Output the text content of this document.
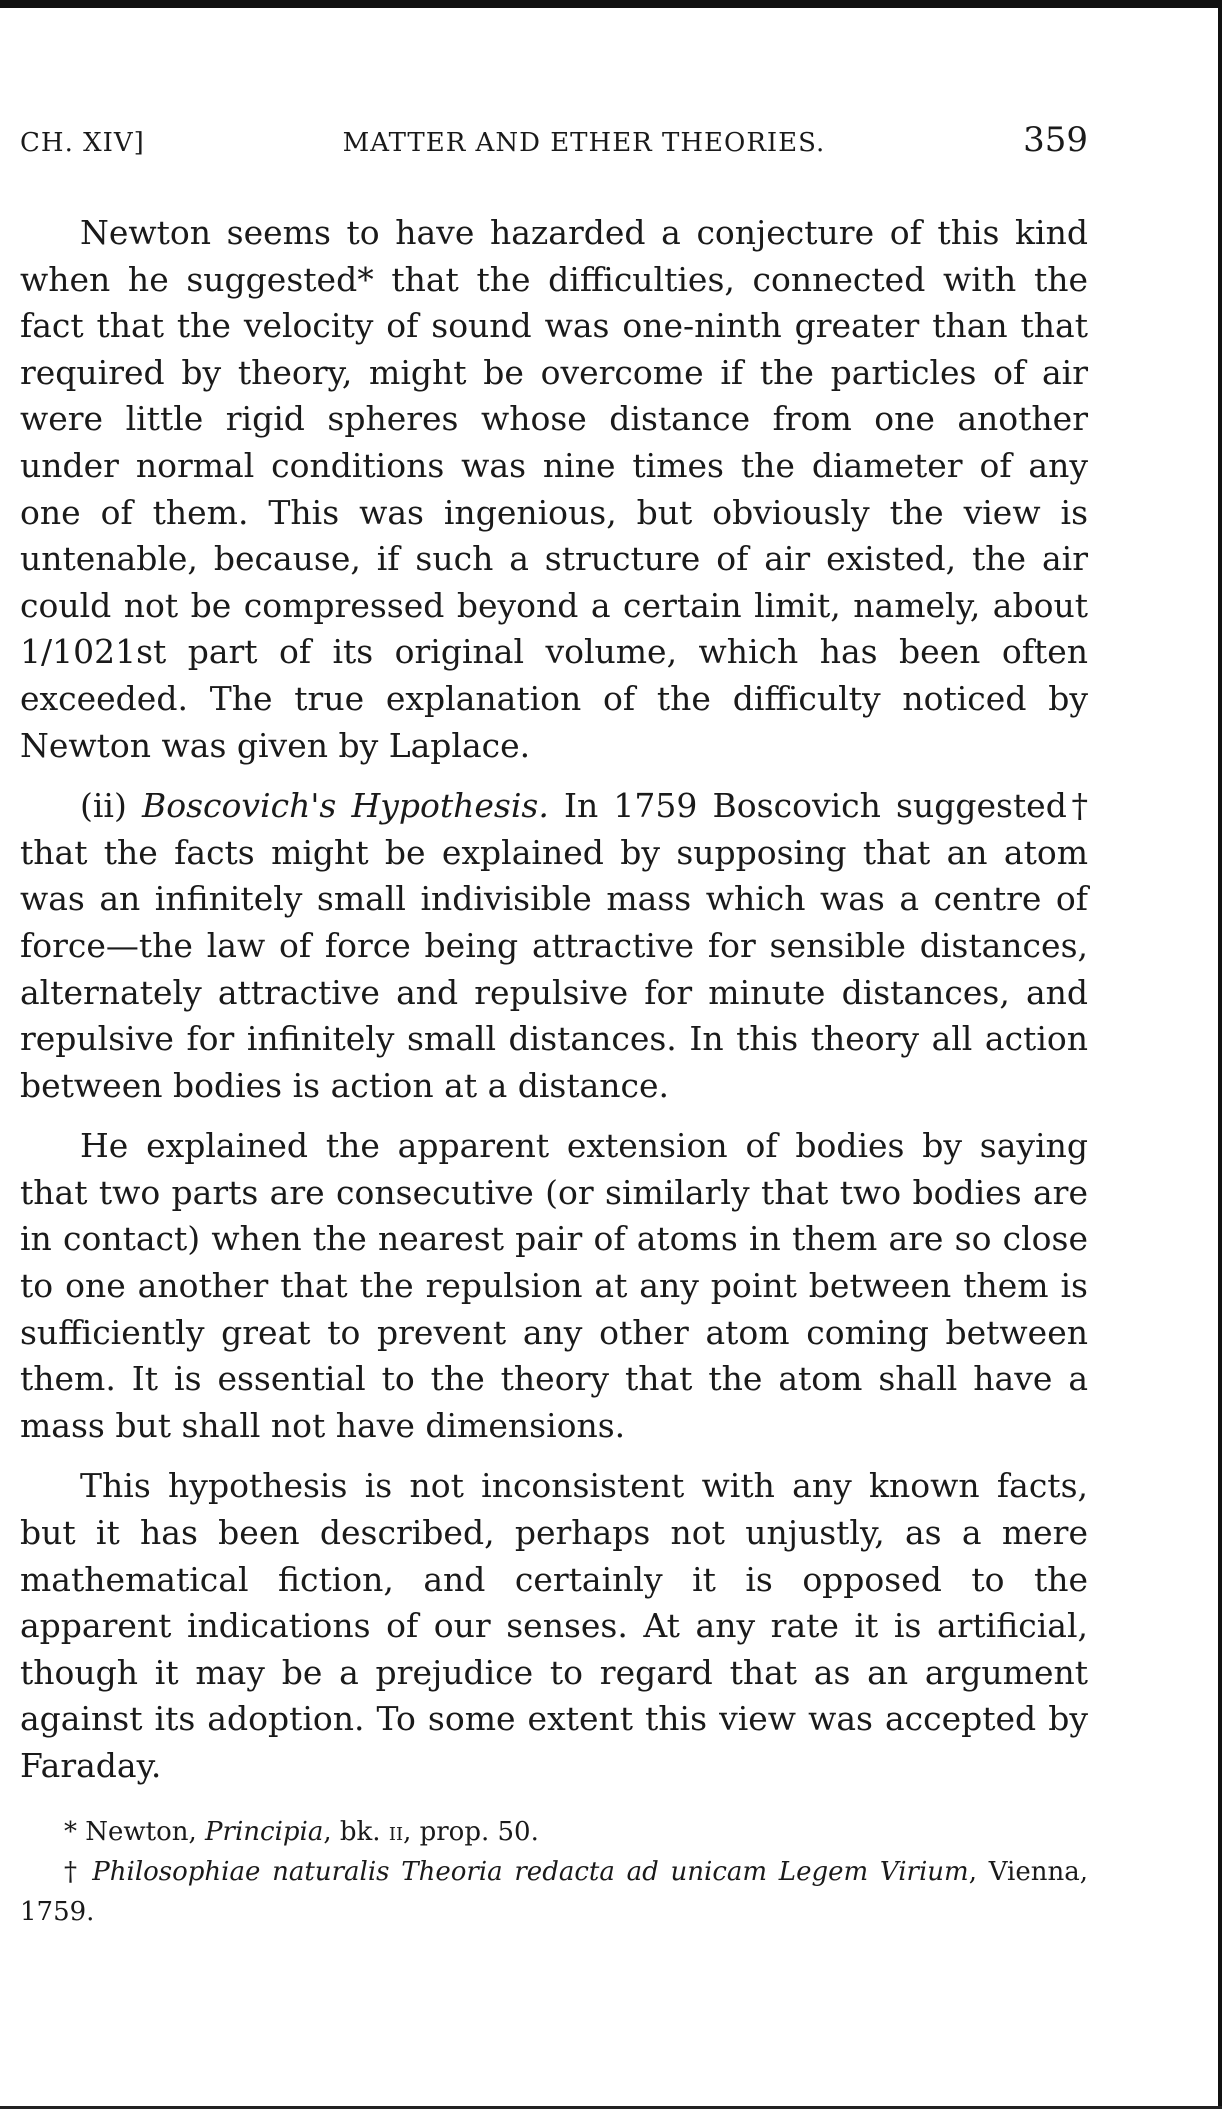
CH. XIV]	MATTER AND ETHER THEORIES.	359

Newton seems to have hazarded a conjecture of this kind when he suggested* that the difficulties, connected with the fact that the velocity of sound was one-ninth greater than that required by theory, might be overcome if the particles of air were little rigid spheres whose distance from one another under normal conditions was nine times the diameter of any one of them. This was ingenious, but obviously the view is untenable, because, if such a structure of air existed, the air could not be compressed beyond a certain limit, namely, about 1/1021st part of its original volume, which has been often exceeded. The true explanation of the difficulty noticed by Newton was given by Laplace.

(ii) Boscovich's Hypothesis. In 1759 Boscovich suggested† that the facts might be explained by supposing that an atom was an infinitely small indivisible mass which was a centre of force—the law of force being attractive for sensible distances, alternately attractive and repulsive for minute distances, and repulsive for infinitely small distances. In this theory all action between bodies is action at a distance.

He explained the apparent extension of bodies by saying that two parts are consecutive (or similarly that two bodies are in contact) when the nearest pair of atoms in them are so close to one another that the repulsion at any point between them is sufficiently great to prevent any other atom coming between them. It is essential to the theory that the atom shall have a mass but shall not have dimensions.

This hypothesis is not inconsistent with any known facts, but it has been described, perhaps not unjustly, as a mere mathematical fiction, and certainly it is opposed to the apparent indications of our senses. At any rate it is artificial, though it may be a prejudice to regard that as an argument against its adoption. To some extent this view was accepted by Faraday.

* Newton, Principia, bk. ii, prop. 50.

† Philosophiae naturalis Theoria redacta ad unicam Legem Virium, Vienna, 1759.
